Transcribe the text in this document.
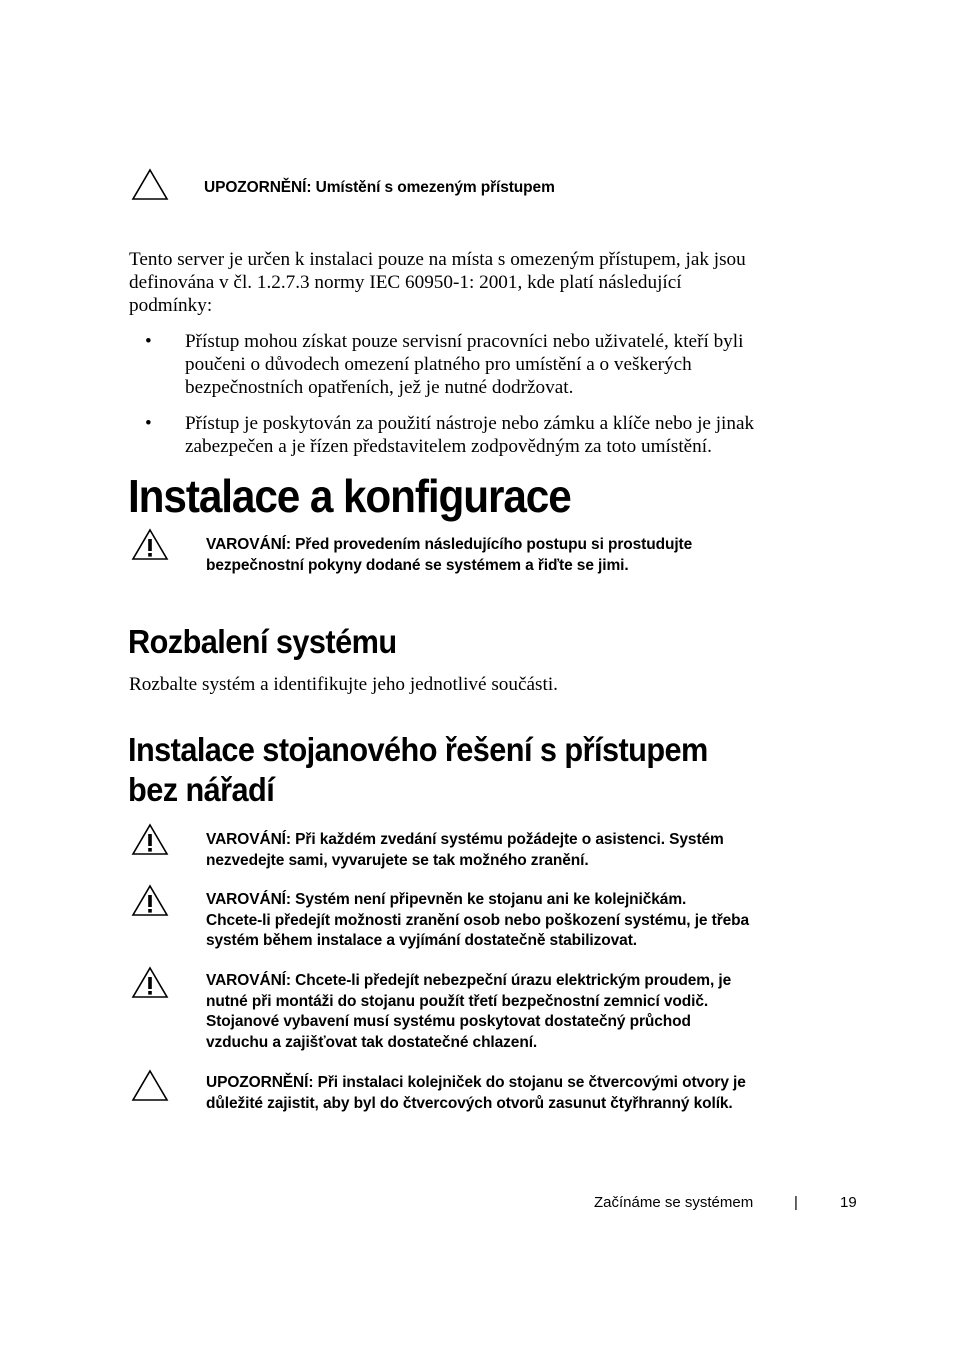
UPOZORNĚNÍ: Umístění s omezeným přístupem
Tento server je určen k instalaci pouze na místa s omezeným přístupem, jak jsou
definována v čl. 1.2.7.3 normy IEC 60950-1: 2001, kde platí následující
podmínky:
• Přístup mohou získat pouze servisní pracovníci nebo uživatelé, kteří byli
poučeni o důvodech omezení platného pro umístění a o veškerých
bezpečnostních opatřeních, jež je nutné dodržovat.
• Přístup je poskytován za použití nástroje nebo zámku a klíče nebo je jinak
zabezpečen a je řízen představitelem zodpovědným za toto umístění.
Instalace a konfigurace
VAROVÁNÍ: Před provedením následujícího postupu si prostudujte
bezpečnostní pokyny dodané se systémem a řiďte se jimi.
Rozbalení systému
Rozbalte systém a identifikujte jeho jednotlivé součásti.
Instalace stojanového řešení s přístupem
bez nářadí
VAROVÁNÍ: Při každém zvedání systému požádejte o asistenci. Systém
nezvedejte sami, vyvarujete se tak možného zranění.
VAROVÁNÍ: Systém není připevněn ke stojanu ani ke kolejničkám.
Chcete-li předejít možnosti zranění osob nebo poškození systému, je třeba
systém během instalace a vyjímání dostatečně stabilizovat.
VAROVÁNÍ: Chcete-li předejít nebezpeční úrazu elektrickým proudem, je
nutné při montáži do stojanu použít třetí bezpečnostní zemnicí vodič.
Stojanové vybavení musí systému poskytovat dostatečný průchod
vzduchu a zajišťovat tak dostatečné chlazení.
UPOZORNĚNÍ: Při instalaci kolejniček do stojanu se čtvercovými otvory je
důležité zajistit, aby byl do čtvercových otvorů zasunut čtyřhranný kolík.
Začínáme se systémem	|	19
